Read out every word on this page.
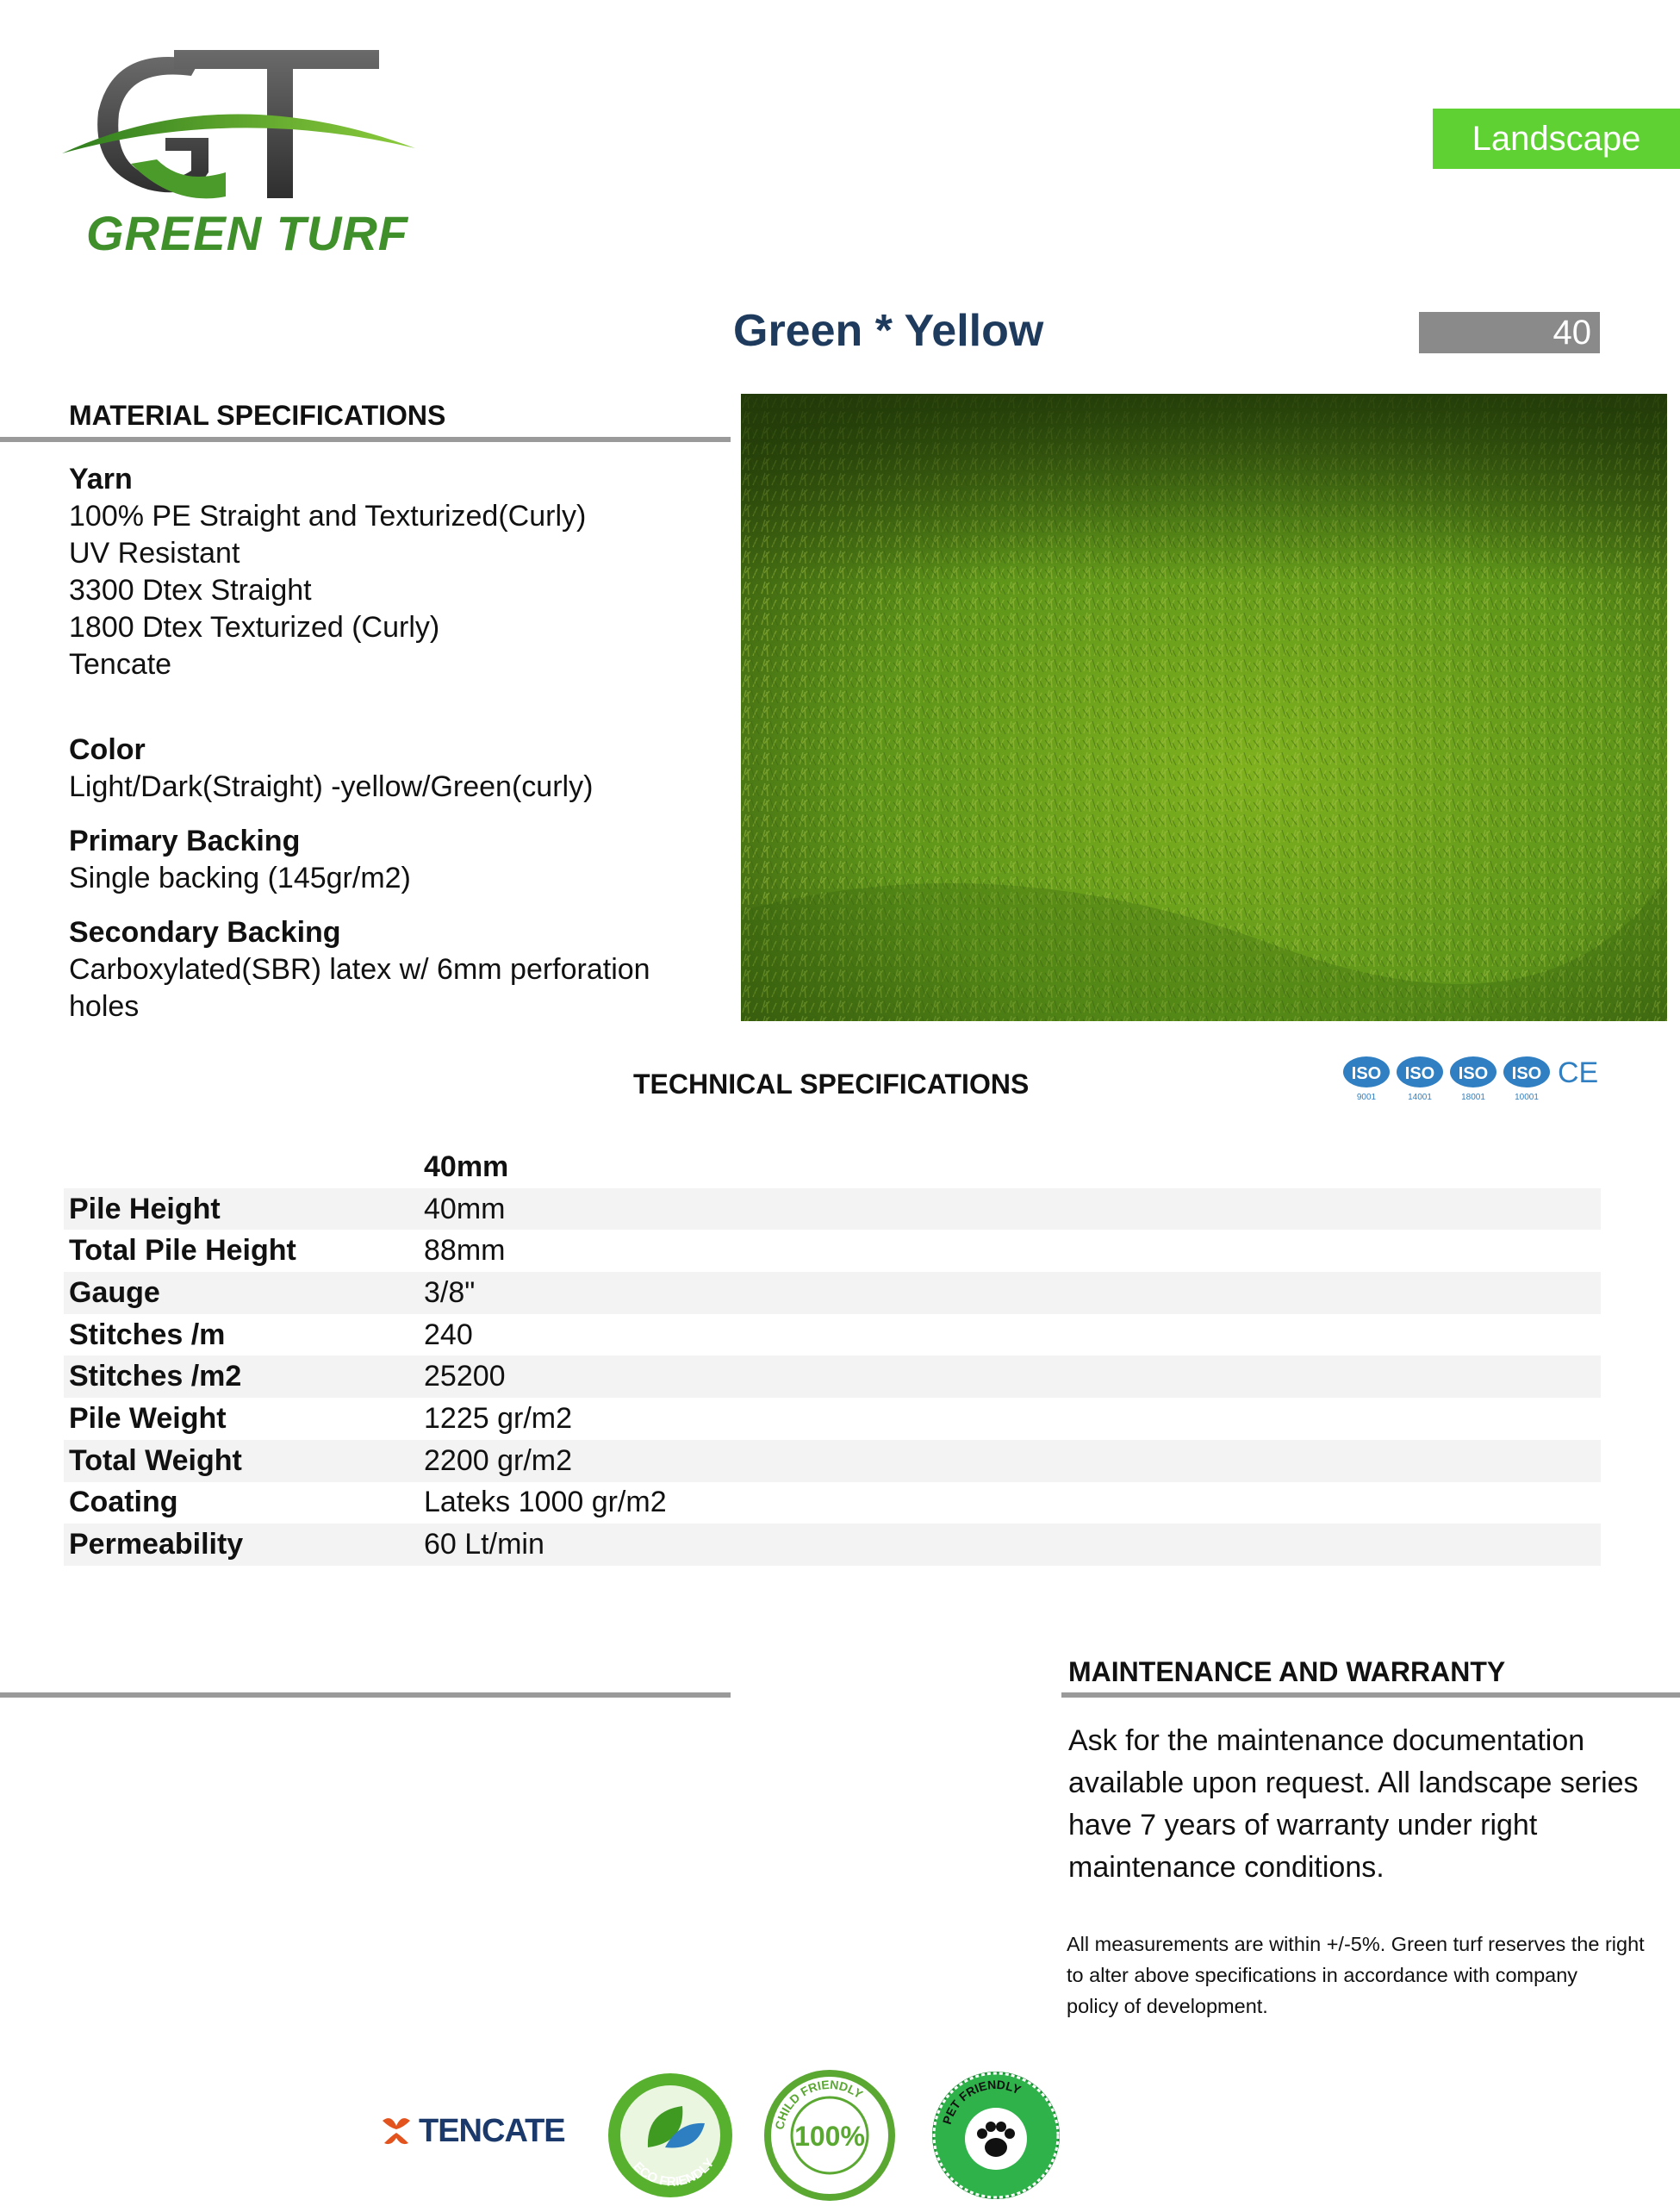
GREEN TURF
Landscape
Green * Yellow	40
MATERIAL SPECIFICATIONS
Yarn
100% PE Straight and Texturized(Curly)
UV Resistant
3300 Dtex Straight
1800 Dtex Texturized (Curly)
Tencate
Color
Light/Dark(Straight) -yellow/Green(curly)
Primary Backing
Single backing (145gr/m2)
Secondary Backing
Carboxylated(SBR) latex w/ 6mm perforation
holes
TECHNICAL SPECIFICATIONS	ISO
9001
ISO
14001
ISO
18001
ISO
10001
CE
	40mm
Pile Height	40mm
Total Pile Height	88mm
Gauge	3/8"
Stitches /m	240
Stitches /m2	25200
Pile Weight	1225 gr/m2
Total Weight	2200 gr/m2
Coating	Lateks 1000 gr/m2
Permeability	60 Lt/min
MAINTENANCE AND WARRANTY
Ask for the maintenance documentation
available upon request. All landscape series
have 7 years of warranty under right
maintenance conditions.
All measurements are within +/-5%. Green turf reserves the right
to alter above specifications in accordance with company
policy of development.
TENCATE
ECO FRIENDLY
100%
CHILD FRIENDLY
PET FRIENDLY
